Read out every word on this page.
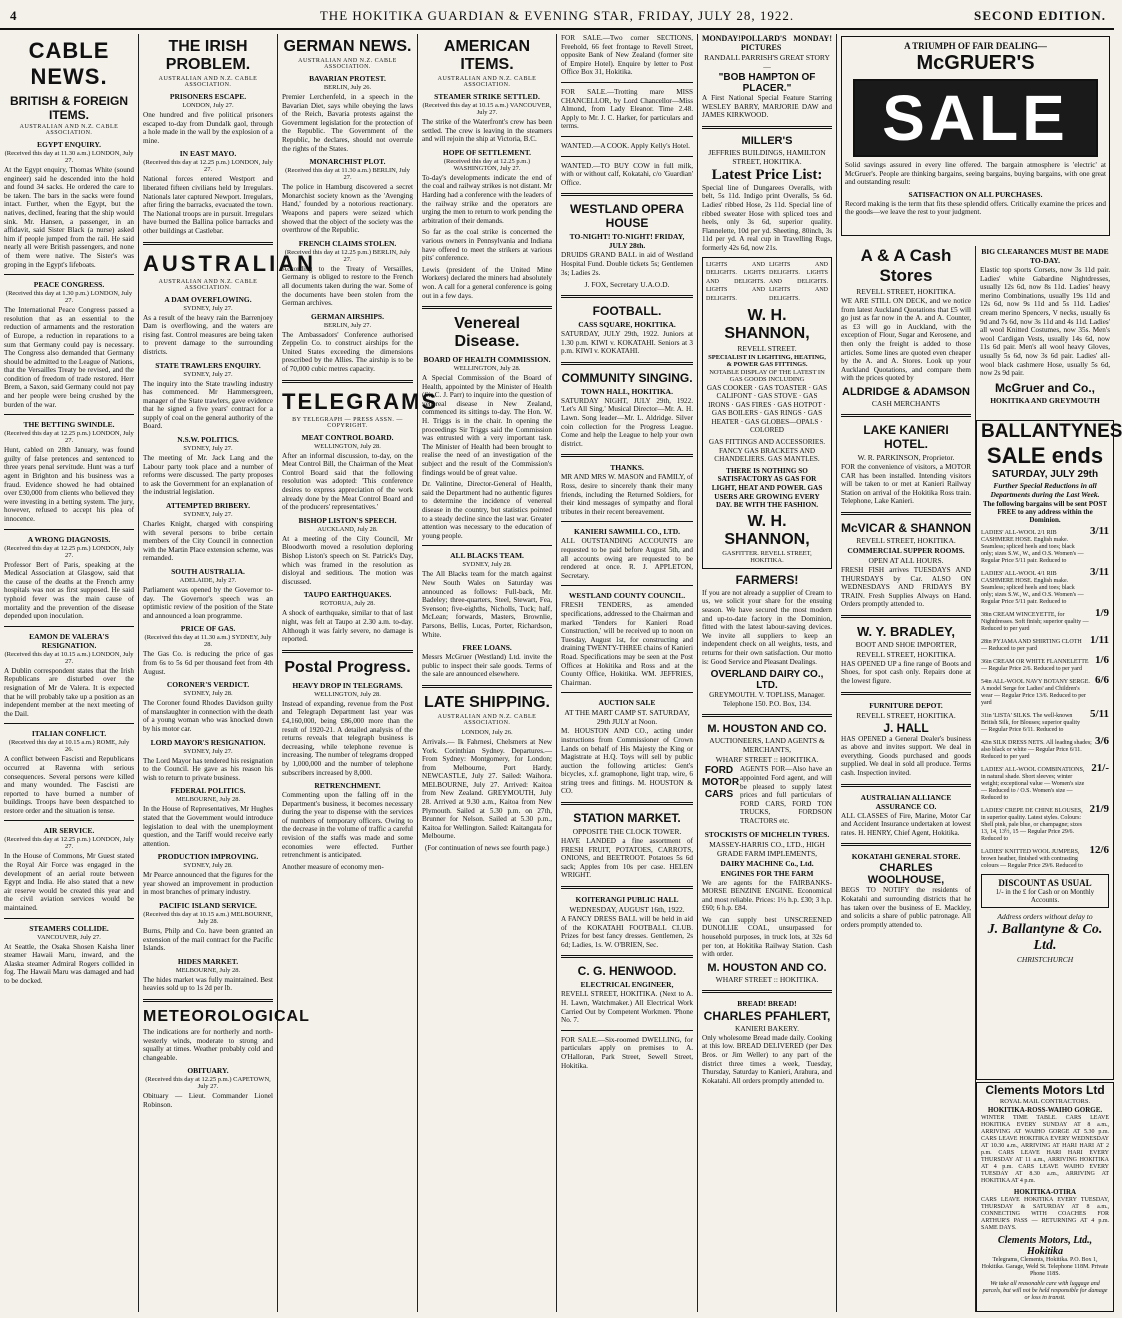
4	THE HOKITIKA GUARDIAN & EVENING STAR, FRIDAY, JULY 28, 1922.	SECOND EDITION.
CABLE NEWS.
BRITISH & FOREIGN ITEMS.
AUSTRALIAN AND N.Z. CABLE ASSOCIATION.
EGYPT ENQUIRY.
(Received this day at 11.30 a.m.) LONDON, July 27.

At the Egypt enquiry, Thomas White (sound engineer) said he descended into the hold and found 34 sacks. He ordered the care to be taken. The bars in the sacks were found intact. Further, when the Egypt, but the natives, declined, fearing that the ship would sink. Mr. Hansen, a passenger, in an affidavit, said Sister Black (a nurse) asked him if people jumped from the rail. He said nearly all were British passengers, and none of them were native. The Sister's was groping in the Egypt's lifeboats.

PEACE CONGRESS.
(Received this day at 1.30 p.m.) LONDON, July 27.

The International Peace Congress passed a resolution that as an essential to the reduction of armaments and the restoration of Europe, a reduction in reparations to a sum that Germany could pay is necessary. The Congress also demanded that Germany should be admitted to the League of Nations, that the Versailles Treaty be revised, and the condition of freedom of trade restored. Herr Brem, a Saxon, said Germany could not pay and her people were being crushed by the burden of the war.

THE BETTING SWINDLE.
(Received this day at 12.25 p.m.) LONDON, July 27.

Hunt, cabled on 28th January, was found guilty of false pretences and sentenced to three years penal servitude. Hunt was a turf agent in Brighton and his business was a fraud. Evidence showed he had obtained over £30,000 from clients who believed they were investing in a betting system. The jury, however, refused to accept his plea of innocence.

A WRONG DIAGNOSIS.
(Received this day at 12.25 p.m.) LONDON, July 27.

Professor Bert of Paris, speaking at the Medical Association at Glasgow, said that the cause of the deaths at the French army hospitals was not as first supposed. He said typhoid fever was the main cause of mortality and the prevention of the disease depended upon inoculation.

EAMON DE VALERA'S RESIGNATION.
(Received this day at 10.15 a.m.) LONDON, July 27.

A Dublin correspondent states that the Irish Republicans are disturbed over the resignation of Mr de Valera. It is expected that he will probably take up a position as an independent member at the next meeting of the Dail.

ITALIAN CONFLICT.
(Received this day at 10.15 a.m.) ROME, July 26.

A conflict between Fascisti and Republicans occurred at Ravenna with serious consequences. Several persons were killed and many wounded. The Fascisti are reported to have burned a number of buildings. Troops have been despatched to restore order and the situation is tense.

AIR SERVICE.
(Received this day at 12.25 p.m.) LONDON, July 27.

In the House of Commons, Mr Guest stated the Royal Air Force was engaged in the development of an aerial route between Egypt and India. He also stated that a new air reserve would be created this year and the civil aviation services would be maintained.

STEAMERS COLLIDE.
VANCOUVER, July 27.

At Seattle, the Osaka Shosen Kaisha liner steamer Hawaii Maru, inward, and the Alaska steamer Admiral Rogers collided in fog. The Hawaii Maru was damaged and had to be docked.

THE IRISH PROBLEM.
AUSTRALIAN AND N.Z. CABLE ASSOCIATION.
PRISONERS ESCAPE.
LONDON, July 27.

One hundred and five political prisoners escaped to-day from Dundalk gaol, through a hole made in the wall by the explosion of a mine.

IN EAST MAYO.
(Received this day at 12.25 p.m.) LONDON, July 27.

National forces entered Westport and liberated fifteen civilians held by Irregulars. Nationals later captured Newport. Irregulars, after firing the barracks, evacuated the town. The National troops are in pursuit. Irregulars have burned the Ballina police barracks and other buildings at Castlebar.

AUSTRALIAN
AUSTRALIAN AND N.Z. CABLE ASSOCIATION.
A DAM OVERFLOWING.
SYDNEY, July 27.

As a result of the heavy rain the Barrenjoey Dam is overflowing, and the waters are rising fast. Control measures are being taken to prevent damage to the surrounding districts.

STATE TRAWLERS ENQUIRY.
SYDNEY, July 27.

The inquiry into the State trawling industry has commenced. Mr Hammersgreen, manager of the State trawlers, gave evidence that he signed a five years' contract for a supply of coal on the general authority of the Board.

N.S.W. POLITICS.
SYDNEY, July 27.

The meeting of Mr. Jack Lang and the Labour party took place and a number of reforms were discussed. The party proposes to ask the Government for an explanation of the industrial legislation.

ATTEMPTED BRIBERY.
SYDNEY, July 27.

Charles Knight, charged with conspiring with several persons to bribe certain members of the City Council in connection with the Martin Place extension scheme, was remanded.

SOUTH AUSTRALIA.
ADELAIDE, July 27.

Parliament was opened by the Governor to-day. The Governor's speech was an optimistic review of the position of the State and announced a loan programme.

PRICE OF GAS.
(Received this day at 11.30 a.m.) SYDNEY, July 28.

The Gas Co. is reducing the price of gas from 6s to 5s 6d per thousand feet from 4th August.

CORONER'S VERDICT.
SYDNEY, July 28.

The Coroner found Rhodes Davidson guilty of manslaughter in connection with the death of a young woman who was knocked down by his motor car.

LORD MAYOR'S RESIGNATION.
SYDNEY, July 27.

The Lord Mayor has tendered his resignation to the Council. He gave as his reason his wish to return to private business.

FEDERAL POLITICS.
MELBOURNE, July 28.

In the House of Representatives, Mr Hughes stated that the Government would introduce legislation to deal with the unemployment question, and the Tariff would receive early attention.

PRODUCTION IMPROVING.
SYDNEY, July 28.

Mr Pearce announced that the figures for the year showed an improvement in production in most branches of primary industry.

PACIFIC ISLAND SERVICE.
(Received this day at 10.15 a.m.) MELBOURNE, July 28.

Burns, Philp and Co. have been granted an extension of the mail contract for the Pacific Islands.

HIDES MARKET.
MELBOURNE, July 28.

The hides market was fully maintained. Best heavies sold up to 1s 2d per lb.

METEOROLOGICAL

The indications are for northerly and north-westerly winds, moderate to strong and squally at times. Weather probably cold and changeable.

OBITUARY.
(Received this day at 12.25 p.m.) CAPETOWN, July 27.

Obituary — Lieut. Commander Lionel Robinson.

GERMAN NEWS.
AUSTRALIAN AND N.Z. CABLE ASSOCIATION.
BAVARIAN PROTEST.
BERLIN, July 26.

Premier Lerchenfeld, in a speech in the Bavarian Diet, says while obeying the laws of the Reich, Bavaria protests against the Government legislation for the protection of the Republic. The Government of the Republic, he declares, should not overrule the rights of the States.

MONARCHIST PLOT.
(Received this day at 11.30 a.m.) BERLIN, July 27.

The police in Hamburg discovered a secret Monarchist society known as the 'Avenging Hand,' founded by a notorious reactionary. Weapons and papers were seized which showed that the object of the society was the overthrow of the Republic.

FRENCH CLAIMS STOLEN.
(Received this day at 12.25 p.m.) BERLIN, July 27.

According to the Treaty of Versailles, Germany is obliged to restore to the French all documents taken during the war. Some of the documents have been stolen from the German archives.

GERMAN AIRSHIPS.
BERLIN, July 27.

The Ambassadors' Conference authorised Zeppelin Co. to construct airships for the United States exceeding the dimensions prescribed by the Allies. The airship is to be of 70,000 cubic metres capacity.

TELEGRAMS
BY TELEGRAPH — PRESS ASSN. — COPYRIGHT.
MEAT CONTROL BOARD.
WELLINGTON, July 28.

After an informal discussion, to-day, on the Meat Control Bill, the Chairman of the Meat Control Board said that the following resolution was adopted: 'This conference desires to express appreciation of the work already done by the Meat Control Board and of the producers' representatives.'

BISHOP LISTON'S SPEECH.
AUCKLAND, July 28.

At a meeting of the City Council, Mr Bloodworth moved a resolution deploring Bishop Liston's speech on St. Patrick's Day, which was framed in the resolution as disloyal and seditious. The motion was discussed.

TAUPO EARTHQUAKES.
ROTORUA, July 28.

A shock of earthquake, similar to that of last night, was felt at Taupo at 2.30 a.m. to-day. Although it was fairly severe, no damage is reported.

Postal Progress.
HEAVY DROP IN TELEGRAMS.
WELLINGTON, July 28.

Instead of expanding, revenue from the Post and Telegraph Department last year was £4,160,000, being £86,000 more than the result of 1920-21. A detailed analysis of the returns reveals that telegraph business is decreasing, while telephone revenue is increasing. The number of telegrams dropped by 1,000,000 and the number of telephone subscribers increased by 8,000.

RETRENCHMENT.

Commenting upon the falling off in the Department's business, it becomes necessary during the year to dispense with the services of numbers of temporary officers. Owing to the decrease in the volume of traffic a careful revision of the staffs was made and some economies were effected. Further retrenchment is anticipated.

Another measure of economy men-

AMERICAN ITEMS.
AUSTRALIAN AND N.Z. CABLE ASSOCIATION.
STEAMER STRIKE SETTLED.
(Received this day at 10.15 a.m.) VANCOUVER, July 27.

The strike of the Waterfront's crew has been settled. The crew is leaving in the steamers and will rejoin the ship at Victoria, B.C.

HOPE OF SETTLEMENT.
(Received this day at 12.25 p.m.) WASHINGTON, July 27.

To-day's developments indicate the end of the coal and railway strikes is not distant. Mr Harding had a conference with the leaders of the railway strike and the operators are urging the men to return to work pending the arbitration of their demands.

So far as the coal strike is concerned the various owners in Pennsylvania and Indiana have offered to meet the strikers at various pits' conference.

Lewis (president of the United Mine Workers) declared the miners had absolutely won. A call for a general conference is going out in a few days.

Venereal Disease.
BOARD OF HEALTH COMMISSION.
WELLINGTON, July 28.

A Special Commission of the Board of Health, appointed by the Minister of Health (Sir C. J. Parr) to inquire into the question of venereal disease in New Zealand, commenced its sittings to-day. The Hon. W. H. Triggs is in the chair. In opening the proceedings Sir Triggs said the Commission was entrusted with a very important task. The Minister of Health had been brought to realise the need of an investigation of the subject and the result of the Commission's findings would be of great value.

Dr. Valintine, Director-General of Health, said the Department had no authentic figures to determine the incidence of venereal disease in the country, but statistics pointed to a steady decline since the last war. Greater attention was necessary to the education of young people.

ALL BLACKS TEAM.
SYDNEY, July 28.

The All Blacks team for the match against New South Wales on Saturday was announced as follows: Full-back, Mr. Badeley; three-quarters, Steel, Stewart, Fea, Svenson; five-eighths, Nicholls, Tuck; half, McLean; forwards, Masters, Brownlie, Parsons, Bellis, Lucas, Porter, Richardson, White.

FREE LOANS.

Messrs McGruer (Westland) Ltd. invite the public to inspect their sale goods. Terms of the sale are announced elsewhere.

LATE SHIPPING.
AUSTRALIAN AND N.Z. CABLE ASSOCIATION.
LONDON, July 26.

Arrivals.— Ik Fahrnesi, Chelsmers at New York. Corinthian Sydney. Departures.— From Sydney: Montgomery, for London; from Melbourne, Port Hardy. NEWCASTLE, July 27. Sailed: Waihora. MELBOURNE, July 27. Arrived: Kaitoa from New Zealand. GREYMOUTH, July 28. Arrived at 9.30 a.m., Kaitoa from New Plymouth. Sailed at 5.30 p.m. on 27th, Brunner for Nelson. Sailed at 5.30 p.m., Kaitoa for Wellington. Sailed: Kaitangata for Melbourne.

(For continuation of news see fourth page.)

FOR SALE.—Two corner SECTIONS, Freehold, 66 feet frontage to Revell Street, opposite Bank of New Zealand (former site of Empire Hotel). Enquire by letter to Post Office Box 31, Hokitika.

FOR SALE.—Trotting mare MISS CHANCELLOR, by Lord Chancellor—Miss Almond, from Lady Eleanor. Time 2.48. Apply to Mr. J. C. Harker, for particulars and terms.

WANTED.—A COOK. Apply Kelly's Hotel.

WANTED.—TO BUY COW in full milk, with or without calf, Kokatahi, c/o 'Guardian' Office.

WESTLAND OPERA HOUSE
TO-NIGHT! TO-NIGHT! FRIDAY, JULY 28th.

DRUIDS GRAND BALL in aid of Westland Hospital Fund. Double tickets 5s; Gentlemen 3s; Ladies 2s.

J. FOX, Secretary U.A.O.D.
FOOTBALL.
CASS SQUARE, HOKITIKA.

SATURDAY, JULY 29th, 1922. Juniors at 1.30 p.m. KIWI v. KOKATAHI. Seniors at 3 p.m. KIWI v. KOKATAHI.

COMMUNITY SINGING.
TOWN HALL, HOKITIKA.

SATURDAY NIGHT, JULY 29th, 1922. 'Let's All Sing.' Musical Director—Mr. A. H. Lawn. Song leader—Mr. L. Aldridge. Silver coin collection for the Progress League. Come and help the League to help your own district.

THANKS.

MR AND MRS W. MASON and FAMILY, of Ross, desire to sincerely thank their many friends, including the Returned Soldiers, for their kind messages of sympathy and floral tributes in their recent bereavement.

KANIERI SAWMILL CO., LTD.

ALL OUTSTANDING ACCOUNTS are requested to be paid before August 5th, and all accounts owing are requested to be rendered at once. R. J. APPLETON, Secretary.

WESTLAND COUNTY COUNCIL.

FRESH TENDERS, as amended specifications, addressed to the Chairman and marked 'Tenders for Kanieri Road Construction,' will be received up to noon on Tuesday, August 1st, for constructing and draining TWENTY-THREE chains of Kanieri Road. Specifications may be seen at the Post Offices at Hokitika and Ross and at the County Office, Hokitika. WM. JEFFRIES, Chairman.

AUCTION SALE
AT THE MART CAMP ST. SATURDAY, 29th JULY at Noon.

M. HOUSTON AND CO., acting under instructions from Commissioner of Crown Lands on behalf of His Majesty the King or Magistrate at H.Q. Toys will sell by public auction the following articles: Gent's bicycles, x.f. gramophone, light trap, wire, 6 string trees and fittings. M. HOUSTON & CO.

STATION MARKET.
OPPOSITE THE CLOCK TOWER.

HAVE LANDED a fine assortment of FRESH FRUIT, POTATOES, CARROTS, ONIONS, and BEETROOT. Potatoes 5s 6d sack; Apples from 10s per case. HELEN WRIGHT.

KOITERANGI PUBLIC HALL
WEDNESDAY, AUGUST 16th, 1922.

A FANCY DRESS BALL will be held in aid of the KOKATAHI FOOTBALL CLUB. Prizes for best fancy dresses. Gentlemen, 2s 6d; Ladies, 1s. W. O'BRIEN, Sec.

C. G. HENWOOD.
ELECTRICAL ENGINEER,

REVELL STREET, HOKITIKA. (Next to A. H. Lawn, Watchmaker.) All Electrical Work Carried Out by Competent Workmen. 'Phone No. 7.

FOR SALE.—Six-roomed DWELLING, for particulars apply on premises to A. O'Halloran, Park Street, Sewell Street, Hokitika.

MONDAY! POLLARD'S PICTURES
MONDAY!
RANDALL PARRISH'S GREAT STORY—
"BOB HAMPTON OF PLACER."

A First National Special Feature Starring WESLEY BARRY, MARJORIE DAW and JAMES KIRKWOOD.

MILLER'S
JEFFRIES BUILDINGS, HAMILTON STREET, HOKITIKA.
Latest Price List:

Special line of Dungarees Overalls, with belt, 5s 11d. Indigo print Overalls, 5s 6d. Ladies' ribbed Hose, 2s 11d. Special line of ribbed sweater Hose with spliced toes and heels, only 3s 6d, superior quality. Flannelette, 10d per yd. Sheeting, 80inch, 3s 11d per yd. A real cup in Travelling Rugs, formerly 42s 6d, now 21s.

LIGHTS AND DELIGHTS. LIGHTS AND DELIGHTS. LIGHTS AND DELIGHTS.

LIGHTS AND DELIGHTS. LIGHTS AND DELIGHTS. LIGHTS AND DELIGHTS.

W. H. SHANNON,
REVELL STREET.
SPECIALIST IN LIGHTING, HEATING, & POWER GAS FITTINGS.
NOTABLE DISPLAY OF THE LATEST IN GAS GOODS INCLUDING

GAS COOKER · GAS TOASTER · GAS CALIFONT · GAS STOVE · GAS IRONS · GAS FIRES · GAS HOTPOT · GAS BOILERS · GAS RINGS · GAS HEATER · GAS GLOBES—OPALS · COLORED

GAS FITTINGS AND ACCESSORIES. FANCY GAS BRACKETS AND CHANDELIERS. GAS MANTLES.

THERE IS NOTHING SO SATISFACTORY AS GAS FOR LIGHT, HEAT AND POWER. GAS USERS ARE GROWING EVERY DAY. BE WITH THE FASHION.

W. H. SHANNON,
GASFITTER. REVELL STREET, HOKITIKA.
FARMERS!

If you are not already a supplier of Cream to us, we solicit your share for the ensuing season. We have secured the most modern and up-to-date factory in the Dominion, fitted with the latest labour-saving devices. We invite all suppliers to keep an independent check on all weights, tests, and returns for their own satisfaction. Our motto is: Good Service and Pleasant Dealings.

OVERLAND DAIRY CO., LTD.

GREYMOUTH. V. TOPLISS, Manager. Telephone 150. P.O. Box, 134.

M. HOUSTON AND CO.
AUCTIONEERS, LAND AGENTS & MERCHANTS,
WHARF STREET :: HOKITIKA.
FORD MOTOR CARS

AGENTS FOR—Also have an appointed Ford agent, and will be pleased to supply latest prices and full particulars of FORD CARS, FORD TON TRUCKS, FORDSON TRACTORS etc.

STOCKISTS OF MICHELIN TYRES.
MASSEY-HARRIS CO., LTD., HIGH GRADE FARM IMPLEMENTS,
DAIRY MACHINE Co., Ltd.
ENGINES FOR THE FARM

We are agents for the FAIRBANKS-MORSE BENZINE ENGINE. Economical and most reliable. Prices: 1½ h.p. £30; 3 h.p. £60; 6 h.p. £84.

We can supply best UNSCREENED DUNOLLIE COAL, unsurpassed for household purposes, in truck lots, at 32s 6d per ton, at Hokitika Railway Station. Cash with order.

M. HOUSTON AND CO.
WHARF STREET :: HOKITIKA.
BREAD! BREAD!
CHARLES PFAHLERT,
KANIERI BAKERY.

Only wholesome Bread made daily. Cooking at this low. BREAD DELIVERED (per Dex Bros. or Jim Weller) to any part of the district three times a week, Tuesday, Thursday, Saturday to Kanieri, Arahura, and Kokatahi. All orders promptly attended to.

A & A Cash Stores
REVELL STREET, HOKITIKA.

WE ARE STILL ON DECK, and we notice from latest Auckland Quotations that £5 will go just as far now in the A. and A. Counter, as £3 will go in Auckland, with the exception of Flour, Sugar and Kerosene, and then only the freight is added to those articles. Some lines are quoted even cheaper by the A. and A. Stores. Look up your Auckland Quotations, and compare them with the prices quoted by

ALDRIDGE & ADAMSON
CASH MERCHANTS
LAKE KANIERI HOTEL.
W. R. PARKINSON, Proprietor.

FOR the convenience of visitors, a MOTOR CAR has been installed. Intending visitors will be taken to or met at Kanieri Railway Station on arrival of the Hokitika Ross train. Telephone, Lake Kanieri.

McVICAR & SHANNON
REVELL STREET, HOKITIKA.
COMMERCIAL SUPPER ROOMS.
OPEN AT ALL HOURS.

FRESH FISH arrives TUESDAYS AND THURSDAYS by Car. ALSO ON WEDNESDAYS AND FRIDAYS BY TRAIN. Fresh Supplies Always on Hand. Orders promptly attended to.

W. Y. BRADLEY,
BOOT AND SHOE IMPORTER,
REVELL STREET, HOKITIKA.

HAS OPENED UP a fine range of Boots and Shoes, for spot cash only. Repairs done at the lowest figure.

FURNITURE DEPOT.
REVELL STREET, HOKITIKA.
J. HALL

HAS OPENED a General Dealer's business as above and invites support. We deal in everything. Goods purchased and goods supplied. We deal in sold all produce. Terms cash. Inspection invited.

AUSTRALIAN ALLIANCE ASSURANCE CO.

ALL CLASSES of Fire, Marine, Motor Car and Accident Insurance undertaken at lowest rates. H. HENRY, Chief Agent, Hokitika.

KOKATAHI GENERAL STORE.
CHARLES WOOLHOUSE,

BEGS TO NOTIFY the residents of Kokatahi and surrounding districts that he has taken over the business of E. Mackley, and solicits a share of public patronage. All orders promptly attended to.

A TRIUMPH OF FAIR DEALING—
McGRUER'S
SALE

Solid savings assured in every line offered. The bargain atmosphere is 'electric' at McGruer's. People are thinking bargains, seeing bargains, buying bargains, with one great and outstanding result:

SATISFACTION ON ALL PURCHASES.

Record making is the term that fits these splendid offers. Critically examine the prices and the goods—we leave the rest to your judgment.

BIG CLEARANCES MUST BE MADE TO-DAY.

Elastic top sports Corsets, now 3s 11d pair. Ladies' white Gabardine Nightdresses, usually 12s 6d, now 8s 11d. Ladies' heavy merino Combinations, usually 19s 11d and 12s 6d, now 9s 11d and 5s 11d. Ladies' cream merino Spencers, V necks, usually 6s 9d and 7s 6d, now 3s 11d and 4s 11d. Ladies' all wool Knitted Costumes, now 35s. Men's wool Cardigan Vests, usually 14s 6d, now 11s 6d pair. Men's all wool heavy Gloves, usually 5s 6d, now 3s 6d pair. Ladies' all-wool black cashmere Hose, usually 5s 6d, now 2s 9d pair.

McGruer and Co.,
HOKITIKA AND GREYMOUTH
BALLANTYNES
SALE ends
SATURDAY, JULY 29th
Further Special Reductions in all Departments during the Last Week.
The following bargains will be sent POST FREE to any address within the Dominion.
LADIES' ALL-WOOL 2/1 RIB CASHMERE HOSE. English make. Seamless; spliced heels and toes; black only; sizes S.W., W., and O.S. Women's — Regular Price 5/11 pair. Reduced to
3/11
LADIES' ALL-WOOL 4/1 RIB CASHMERE HOSE. English make. Seamless; spliced heels and toes; black only; sizes S.W., W., and O.S. Women's — Regular Price 5/11 pair. Reduced to
3/11
38in CREAM WINCEYETTE, for Nightdresses. Soft finish; superior quality — Reduced to per yard
1/9
28in PYJAMA AND SHIRTING CLOTH — Reduced to per yard
1/11
36in CREAM OR WHITE FLANNELETTE — Regular Price 2/6. Reduced to per yard
1/6
54in ALL-WOOL NAVY BOTANY SERGE. A model Serge for Ladies' and Children's wear — Regular Price 13/6. Reduced to per yard
6/6
31in 'LISTA' SILKS. The well-known British Silk, for Blouses; superior quality — Regular Price 6/11. Reduced to
5/11
42in SILK DRESS NETS. All leading shades; also black or white — Regular Price 6/11. Reduced to per yard
3/6
LADIES' ALL-WOOL COMBINATIONS, in natural shade. Short sleeves; winter weight; exceptional value — Women's size — Reduced to / O.S. Women's size — Reduced to
21/-
LADIES' CREPE DE CHINE BLOUSES, in superior quality. Latest styles. Colours: Shell pink, pale blue, or champagne; sizes 13, 14, 13½, 15 — Regular Price 29/6. Reduced to
21/9
LADIES' KNITTED WOOL JUMPERS, brown heather, finished with contrasting colours — Regular Price 29/6. Reduced to
12/6
DISCOUNT AS USUAL
1/- in the £ for Cash or on Monthly Accounts.
Address orders without delay to
J. Ballantyne & Co. Ltd.
CHRISTCHURCH
Clements Motors Ltd
ROYAL MAIL CONTRACTORS.
HOKITIKA-ROSS-WAIHO GORGE.

WINTER TIME TABLE. CARS LEAVE HOKITIKA EVERY SUNDAY AT 8 a.m., ARRIVING AT WAIHO GORGE AT 5.30 p.m. CARS LEAVE HOKITIKA EVERY WEDNESDAY AT 10.30 a.m., ARRIVING AT HARI HARI AT 2 p.m. CARS LEAVE HARI HARI EVERY THURSDAY AT 11 a.m., ARRIVING HOKITIKA AT 4 p.m. CARS LEAVE WAIHO EVERY TUESDAY AT 8.30 a.m., ARRIVING AT HOKITIKA AT 4 p.m.

HOKITIKA-OTIRA

CARS LEAVE HOKITIKA EVERY TUESDAY, THURSDAY & SATURDAY AT 8 a.m., CONNECTING WITH COACHES FOR ARTHUR'S PASS — RETURNING AT 4 p.m. SAME DAYS.

Clements Motors, Ltd., Hokitika

Telegrams, Clements, Hokitika. P.O. Box 1, Hokitika. Garage, Weld St. Telephone 118M. Private Phone 118S.

We take all reasonable care with luggage and parcels, but will not be held responsible for damage or loss in transit.
